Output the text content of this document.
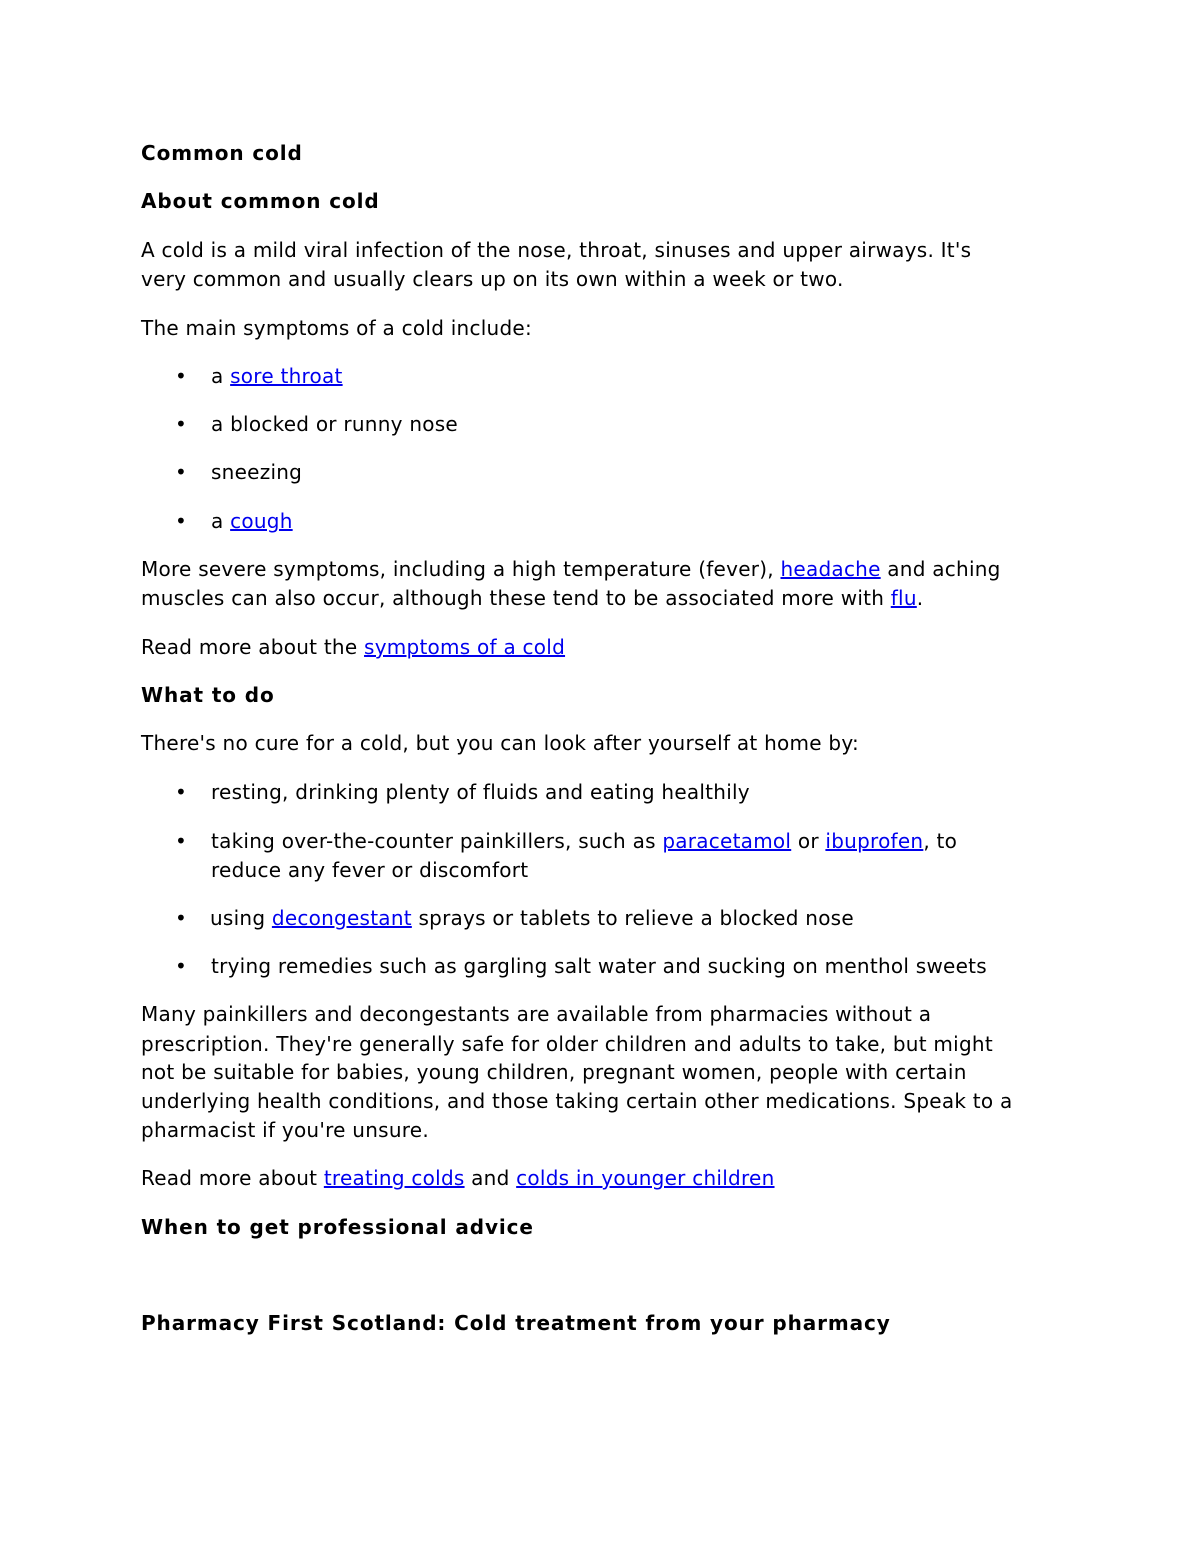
Common cold
About common cold

A cold is a mild viral infection of the nose, throat, sinuses and upper airways. It's

very common and usually clears up on its own within a week or two.

The main symptoms of a cold include:

• a sore throat
• a blocked or runny nose
• sneezing
• a cough

More severe symptoms, including a high temperature (fever), headache and aching

muscles can also occur, although these tend to be associated more with flu.

Read more about the symptoms of a cold

What to do

There's no cure for a cold, but you can look after yourself at home by:

• resting, drinking plenty of fluids and eating healthily
• taking over-the-counter painkillers, such as paracetamol or ibuprofen, to
reduce any fever or discomfort
• using decongestant sprays or tablets to relieve a blocked nose
• trying remedies such as gargling salt water and sucking on menthol sweets

Many painkillers and decongestants are available from pharmacies without a

prescription. They're generally safe for older children and adults to take, but might

not be suitable for babies, young children, pregnant women, people with certain

underlying health conditions, and those taking certain other medications. Speak to a

pharmacist if you're unsure.

Read more about treating colds and colds in younger children

When to get professional advice
Pharmacy First Scotland: Cold treatment from your pharmacy
